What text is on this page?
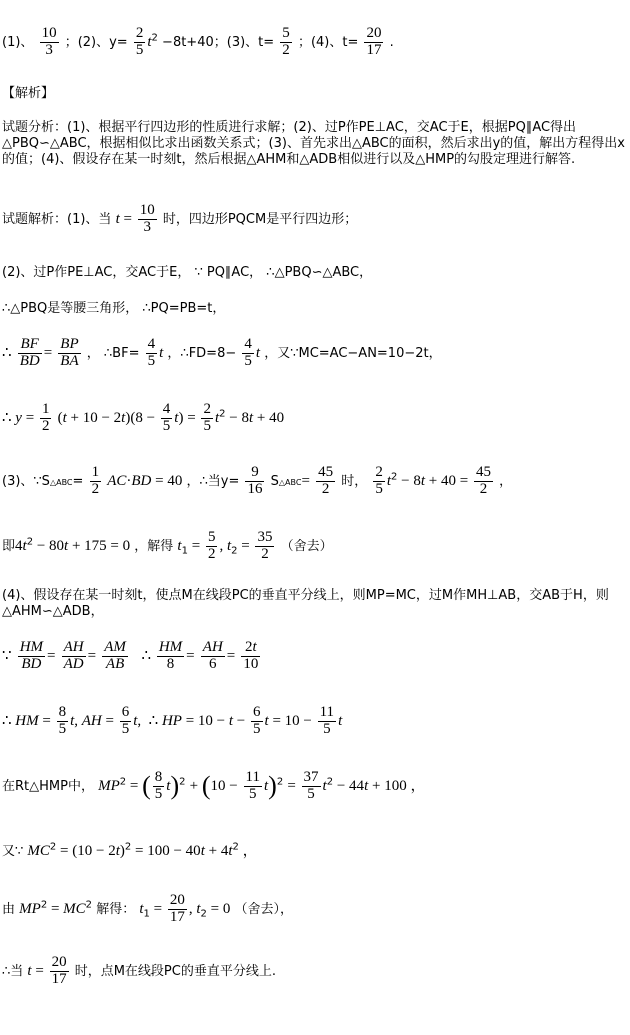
(1)、 $\frac{10}{3}$ ；(2)、$y= \frac{2}{5} t^2 -8t+40$；(3)、$t= \frac{5}{2}$ ；(4)、$t= \frac{20}{17}$ .
【解析】
试题分析：(1)、根据平行四边形的性质进行求解；(2)、过P作PE⊥AC，交AC于E，根据PQ∥AC得出△PBQ∽△ABC，根据相似比求出函数关系式；(3)、首先求出△ABC的面积，然后求出y的值，解出方程得出x的值；(4)、假设存在某一时刻t，然后根据△AHM和△ADB相似进行以及△HMP的勾股定理进行解答.
试题解析：(1)、当 $t = \frac{10}{3}$ 时，四边形PQCM是平行四边形；
(2)、过P作PE⊥AC，交AC于E， ∵ PQ∥AC， ∴△PBQ∽△ABC，
∴△PBQ是等腰三角形， ∴PQ=PB=t，
∴ $\frac{BF}{BD} = \frac{BP}{BA}$ ， ∴BF= $\frac{4}{5}$ t ，∴FD=8− $\frac{4}{5}$ t ，又∵MC=AC−AN=10−2t，
∴ $y = \frac{1}{2} (t + 10 - 2t)(8 - \frac{4}{5} t) = \frac{2}{5} t^2 - 8t + 40$
(3)、∵S△ABC= $\frac{1}{2} AC\cdot BD = 40$ ，∴当$y= \frac{9}{16}$ S△ABC= $\frac{45}{2}$ 时， $\frac{2}{5} t^2 - 8t + 40 = \frac{45}{2}$ ，
即$4t^2 - 80t + 175 = 0$ ，解得 $t_1 = \frac{5}{2}$ , $t_2 = \frac{35}{2}$ （舍去）
(4)、假设存在某一时刻t，使点M在线段PC的垂直平分线上，则MP=MC，过M作MH⊥AB，交AB于H，则△AHM∽△ADB，
∵ $\frac{HM}{BD} = \frac{AH}{AD} = \frac{AM}{AB}$ ∴ $\frac{HM}{8} = \frac{AH}{6} = \frac{2t}{10}$
∴ HM = $\frac{8}{5} t$, AH = $\frac{6}{5} t$,  ∴ HP = $10 - t - \frac{6}{5}$ $t = 10 - \frac{11}{5}$ t
在Rt△HMP中， $MP^2$ = ( $\frac{8}{5} t)^2 + (10 - \frac{11}{5} t)^2 = \frac{37}{5} t^2 - 44t + 100$ ，
又∵ $MC^2 = (10 - 2t)^2 = 100 - 40t + 4t^2$ ，
由 $MP^2 = MC^2$ 解得： $t_1 = \frac{20}{17}$ , $t_2 = 0$ （舍去），
∴当 $t = \frac{20}{17}$ 时，点M在线段PC的垂直平分线上.
